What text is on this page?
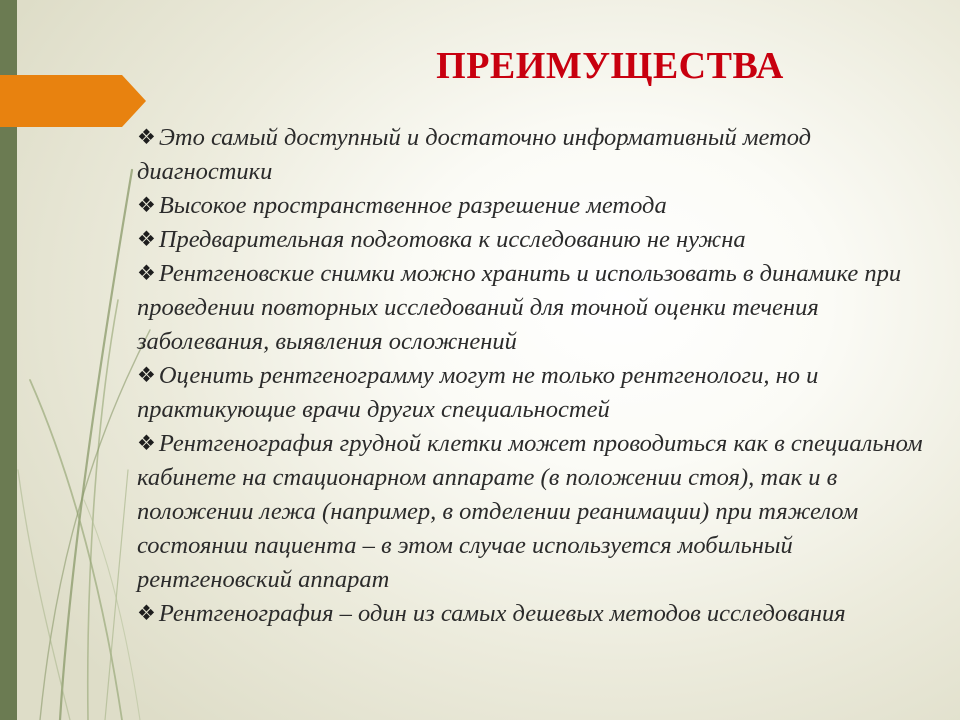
ПРЕИМУЩЕСТВА
❖ Это самый доступный и достаточно информативный метод диагностики
❖ Высокое пространственное разрешение метода
❖ Предварительная подготовка к исследованию не нужна
❖ Рентгеновские снимки можно хранить и использовать в динамике при проведении повторных исследований для точной оценки течения заболевания, выявления осложнений
❖ Оценить рентгенограмму могут не только рентгенологи, но и практикующие врачи других специальностей
❖ Рентгенография грудной клетки может проводиться как в специальном кабинете на стационарном аппарате (в положении стоя), так и в положении лежа (например, в отделении реанимации) при тяжелом состоянии пациента – в этом случае используется мобильный рентгеновский аппарат
❖ Рентгенография – один из самых дешевых методов исследования
